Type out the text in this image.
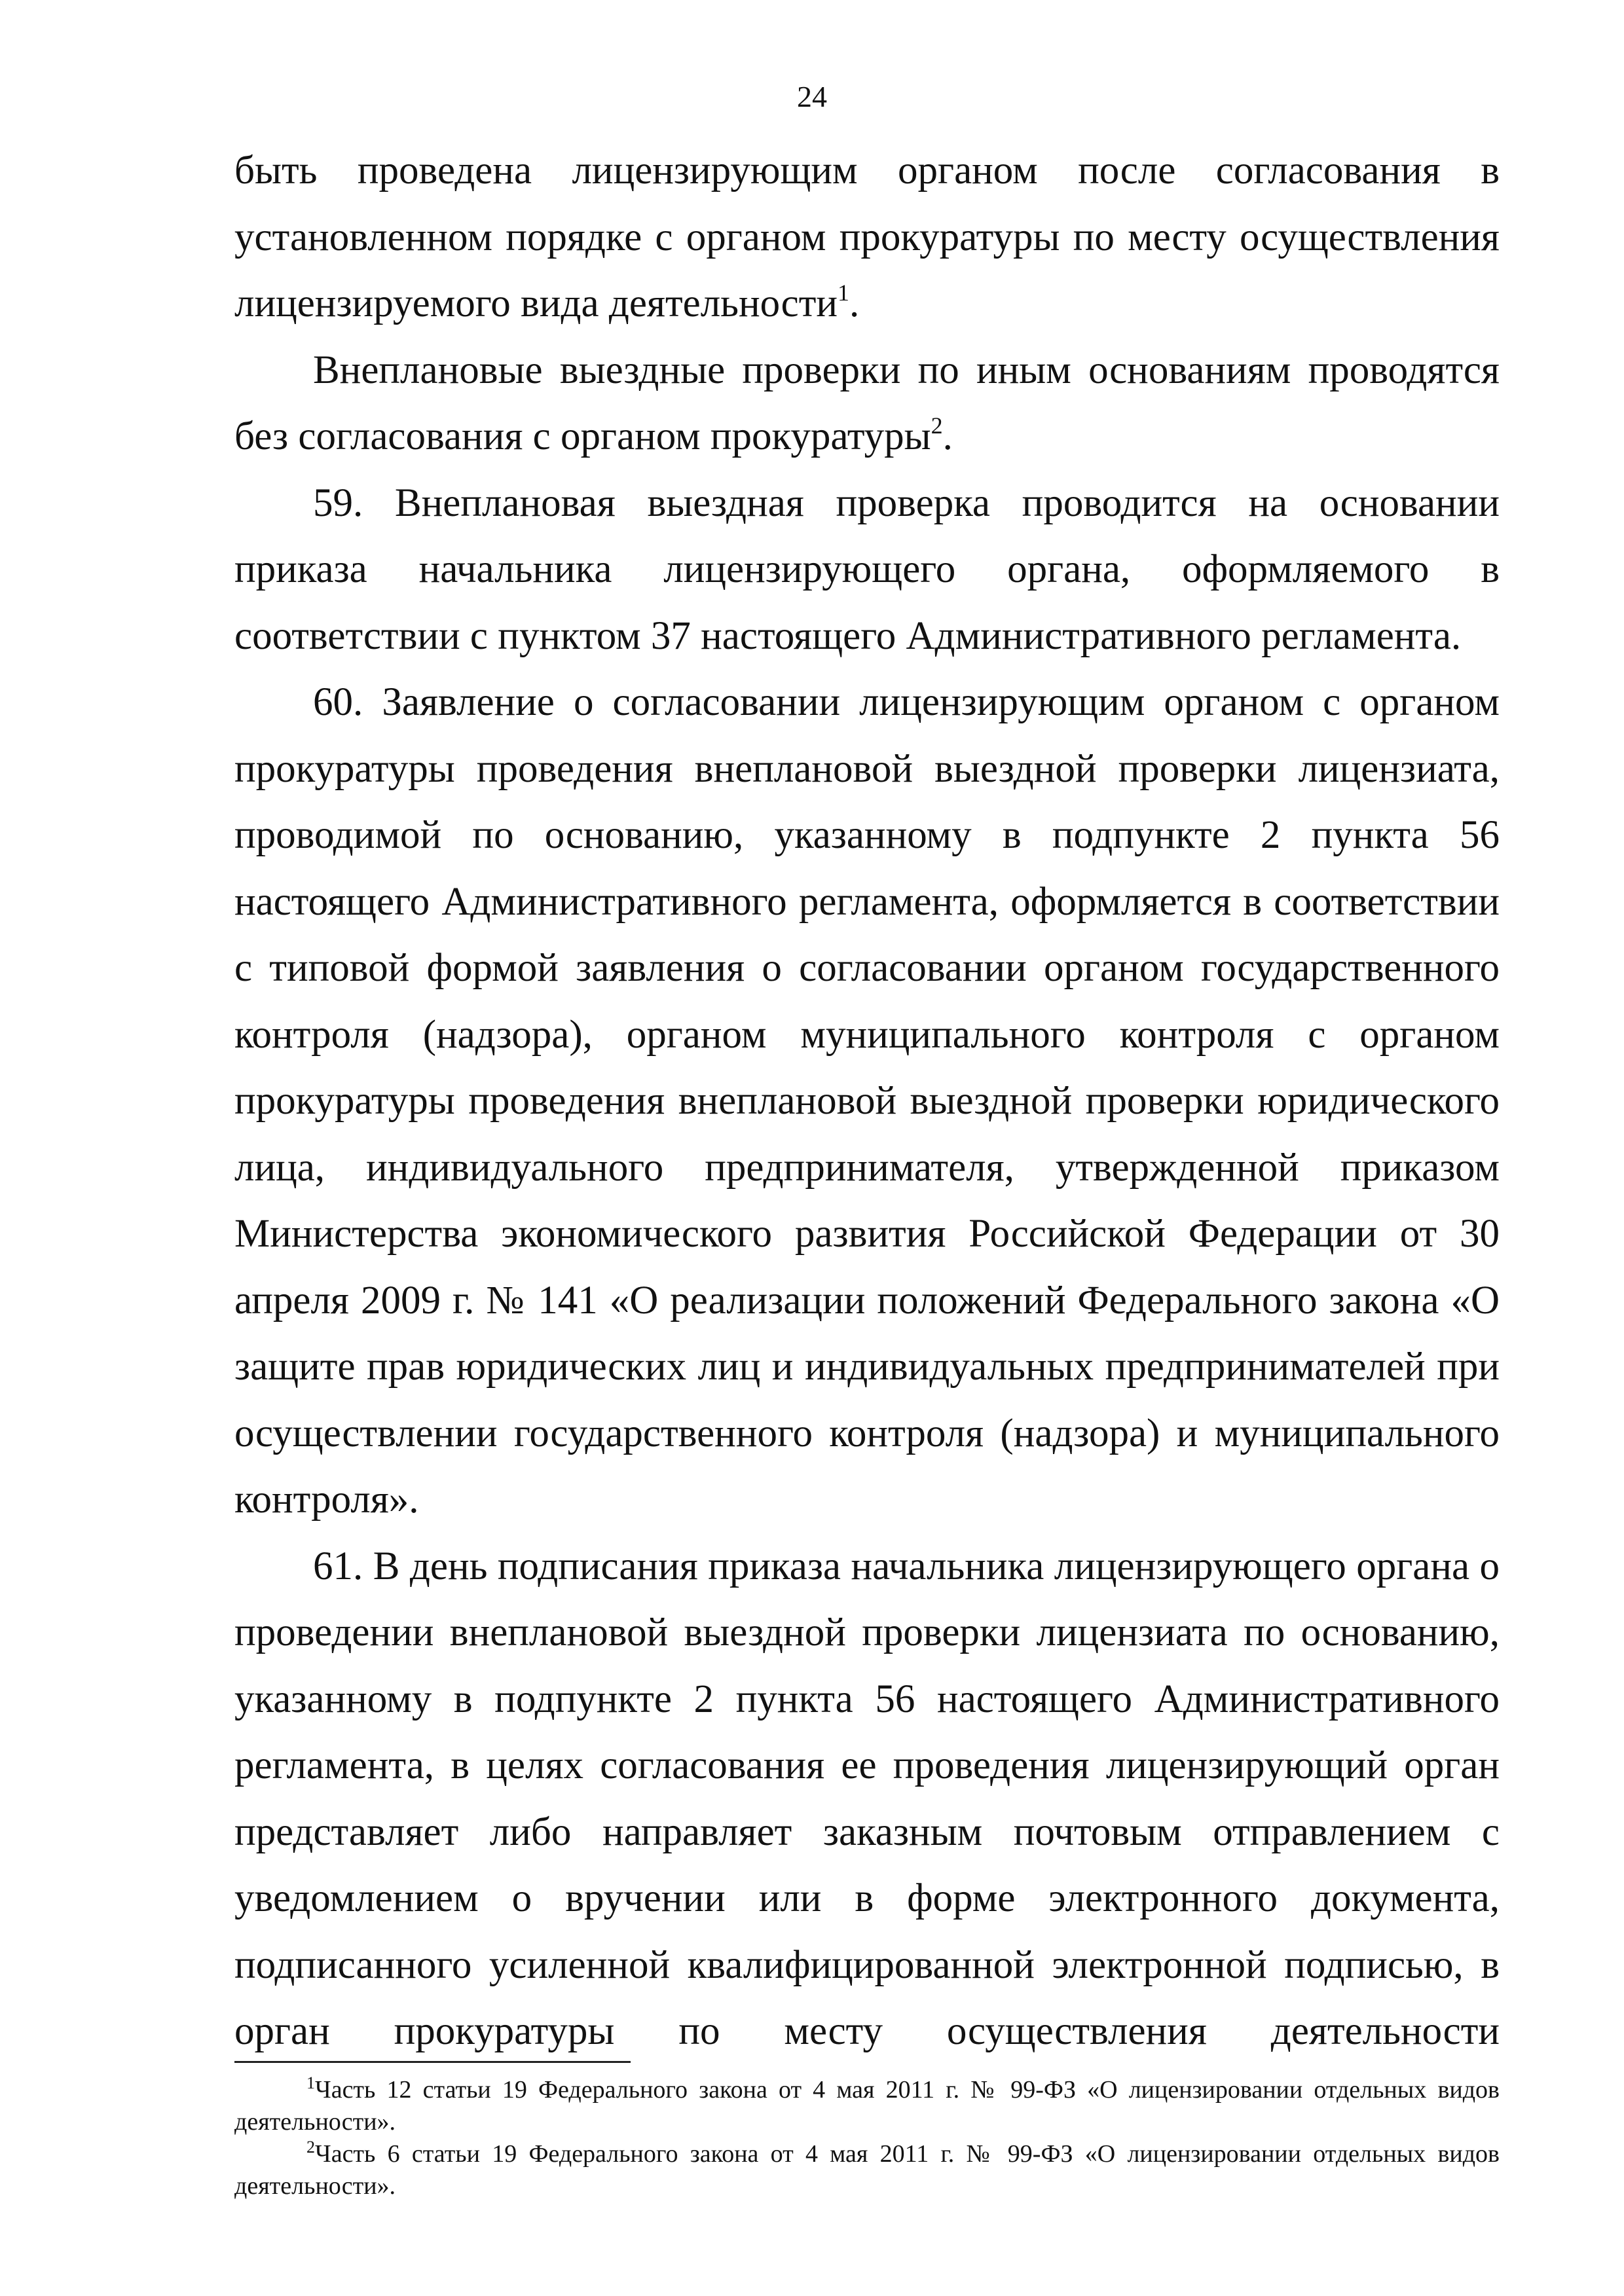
24

быть проведена лицензирующим органом после согласования в установленном порядке с органом прокуратуры по месту осуществления лицензируемого вида деятельности$^1$.

Внеплановые выездные проверки по иным основаниям проводятся без согласования с органом прокуратуры$^2$.

59. Внеплановая выездная проверка проводится на основании приказа начальника лицензирующего органа, оформляемого в соответствии с пунктом 37 настоящего Административного регламента.

60. Заявление о согласовании лицензирующим органом с органом прокуратуры проведения внеплановой выездной проверки лицензиата, проводимой по основанию, указанному в подпункте 2 пункта 56 настоящего Административного регламента, оформляется в соответствии с типовой формой заявления о согласовании органом государственного контроля (надзора), органом муниципального контроля с органом прокуратуры проведения внеплановой выездной проверки юридического лица, индивидуального предпринимателя, утвержденной приказом Министерства экономического развития Российской Федерации от 30 апреля 2009 г. № 141 «О реализации положений Федерального закона «О защите прав юридических лиц и индивидуальных предпринимателей при осуществлении государственного контроля (надзора) и муниципального контроля».

61. В день подписания приказа начальника лицензирующего органа о проведении внеплановой выездной проверки лицензиата по основанию, указанному в подпункте 2 пункта 56 настоящего Административного регламента, в целях согласования ее проведения лицензирующий орган представляет либо направляет заказным почтовым отправлением с уведомлением о вручении или в форме электронного документа, подписанного усиленной квалифицированной электронной подписью, в орган прокуратуры по месту осуществления деятельности

$^1$Часть 12 статьи 19 Федерального закона от 4 мая 2011 г. № 99-ФЗ «О лицензировании отдельных видов деятельности».

$^2$Часть 6 статьи 19 Федерального закона от 4 мая 2011 г. № 99-ФЗ «О лицензировании отдельных видов деятельности».
